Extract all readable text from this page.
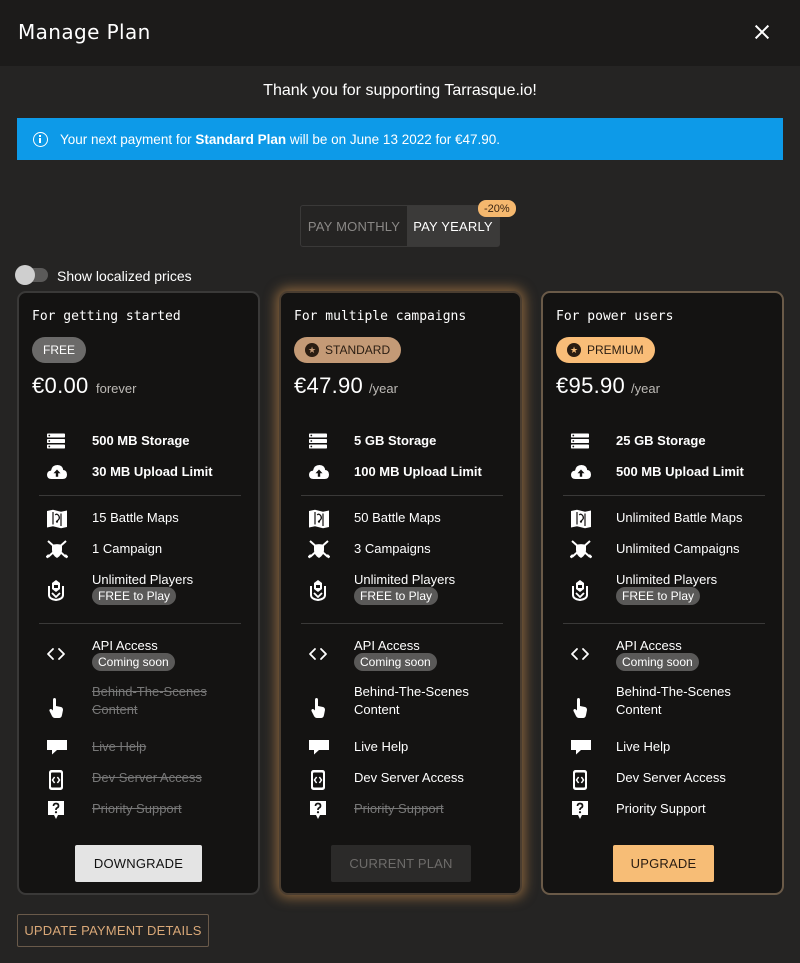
Manage Plan
Thank you for supporting Tarrasque.io!
Your next payment for Standard Plan will be on June 13 2022 for €47.90.
PAY MONTHLY	PAY YEARLY
-20%
Show localized prices
For getting started
FREE
€0.00 forever
500 MB Storage
30 MB Upload Limit
15 Battle Maps
1 Campaign
Unlimited Players
FREE to Play
API Access
Coming soon
Behind-The-Scenes Content
Live Help
Dev Server Access
Priority Support
DOWNGRADE
For multiple campaigns
★ STANDARD
€47.90 /year
5 GB Storage
100 MB Upload Limit
50 Battle Maps
3 Campaigns
Unlimited Players
FREE to Play
API Access
Coming soon
Behind-The-Scenes Content
Live Help
Dev Server Access
Priority Support
CURRENT PLAN
For power users
★ PREMIUM
€95.90 /year
25 GB Storage
500 MB Upload Limit
Unlimited Battle Maps
Unlimited Campaigns
Unlimited Players
FREE to Play
API Access
Coming soon
Behind-The-Scenes Content
Live Help
Dev Server Access
Priority Support
UPGRADE
UPDATE PAYMENT DETAILS
